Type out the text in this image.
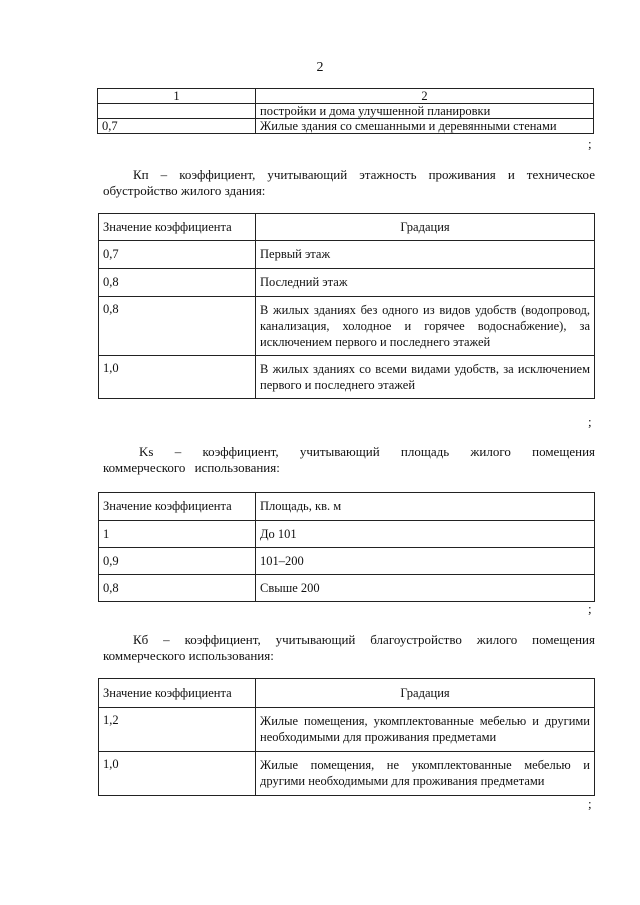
2
1	2
	постройки и дома улучшенной планировки
0,7	Жилые здания со смешанными и деревянными стенами
;
Кп – коэффициент, учитывающий этажность проживания и техническое обустройство жилого здания:
Значение коэффициента	Градация
0,7	Первый этаж
0,8	Последний этаж
0,8	В жилых зданиях без одного из видов удобств (водопровод, канализация, холодное и горячее водоснабжение), за исключением первого и последнего этажей
1,0	В жилых зданиях со всеми видами удобств, за исключением первого и последнего этажей
;
Ks – коэффициент, учитывающий площадь жилого помещения коммерческого использования:
Значение коэффициента	Площадь, кв. м
1	До 101
0,9	101–200
0,8	Свыше 200
;
Кб – коэффициент, учитывающий благоустройство жилого помещения коммерческого использования:
Значение коэффициента	Градация
1,2	Жилые помещения, укомплектованные мебелью и другими необходимыми для проживания предметами
1,0	Жилые помещения, не укомплектованные мебелью и другими необходимыми для проживания предметами
;
